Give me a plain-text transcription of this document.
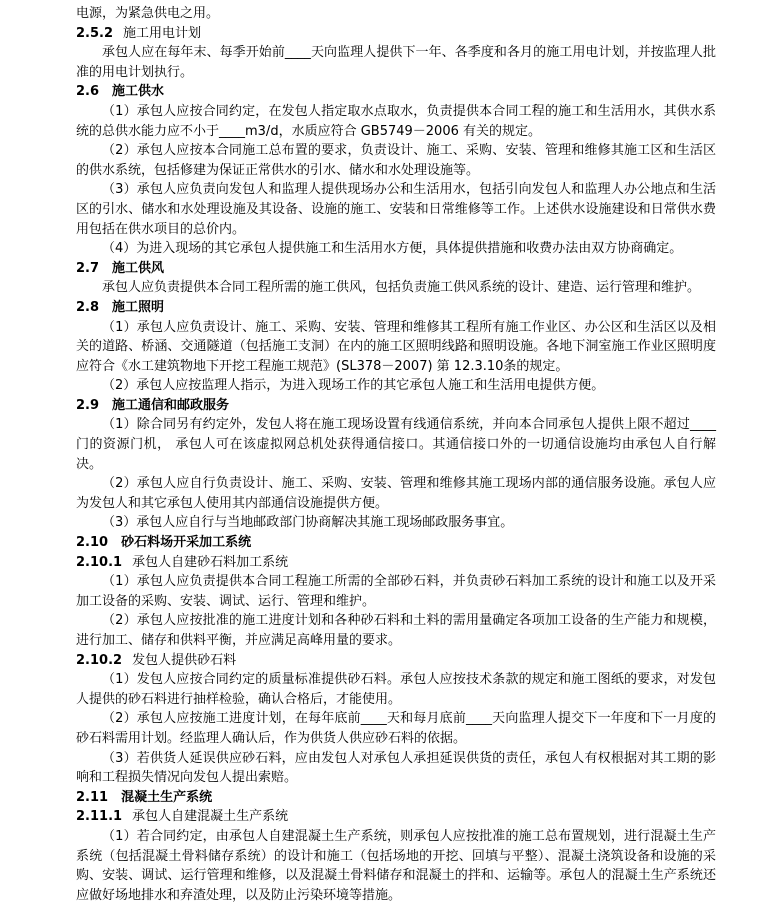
电源，为紧急供电之用。

2.5.2 施工用电计划

承包人应在每年末、每季开始前____天向监理人提供下一年、各季度和各月的施工用电计划，并按监理人批准的用电计划执行。

2.6　施工供水

（1）承包人应按合同约定，在发包人指定取水点取水，负责提供本合同工程的施工和生活用水，其供水系统的总供水能力应不小于____m3/d，水质应符合 GB5749－2006 有关的规定。

（2）承包人应按本合同施工总布置的要求，负责设计、施工、采购、安装、管理和维修其施工区和生活区的供水系统，包括修建为保证正常供水的引水、储水和水处理设施等。

（3）承包人应负责向发包人和监理人提供现场办公和生活用水，包括引向发包人和监理人办公地点和生活区的引水、储水和水处理设施及其设备、设施的施工、安装和日常维修等工作。上述供水设施建设和日常供水费用包括在供水项目的总价内。

（4）为进入现场的其它承包人提供施工和生活用水方便，具体提供措施和收费办法由双方协商确定。

2.7　施工供风

承包人应负责提供本合同工程所需的施工供风，包括负责施工供风系统的设计、建造、运行管理和维护。

2.8　施工照明

（1）承包人应负责设计、施工、采购、安装、管理和维修其工程所有施工作业区、办公区和生活区以及相关的道路、桥涵、交通隧道（包括施工支洞）在内的施工区照明线路和照明设施。各地下洞室施工作业区照明度应符合《水工建筑物地下开挖工程施工规范》(SL378－2007) 第 12.3.10条的规定。

（2）承包人应按监理人指示，为进入现场工作的其它承包人施工和生活用电提供方便。

2.9　施工通信和邮政服务

（1）除合同另有约定外，发包人将在施工现场设置有线通信系统，并向本合同承包人提供上限不超过____门的资源门机， 承包人可在该虚拟网总机处获得通信接口。其通信接口外的一切通信设施均由承包人自行解决。

（2）承包人应自行负责设计、施工、采购、安装、管理和维修其施工现场内部的通信服务设施。承包人应为发包人和其它承包人使用其内部通信设施提供方便。

（3）承包人应自行与当地邮政部门协商解决其施工现场邮政服务事宜。

2.10　砂石料场开采加工系统

2.10.1 承包人自建砂石料加工系统

（1）承包人应负责提供本合同工程施工所需的全部砂石料，并负责砂石料加工系统的设计和施工以及开采加工设备的采购、安装、调试、运行、管理和维护。

（2）承包人应按批准的施工进度计划和各种砂石料和土料的需用量确定各项加工设备的生产能力和规模，进行加工、储存和供料平衡，并应满足高峰用量的要求。

2.10.2 发包人提供砂石料

（1）发包人应按合同约定的质量标准提供砂石料。承包人应按技术条款的规定和施工图纸的要求，对发包人提供的砂石料进行抽样检验，确认合格后，才能使用。

（2）承包人应按施工进度计划，在每年底前____天和每月底前____天向监理人提交下一年度和下一月度的砂石料需用计划。经监理人确认后，作为供货人供应砂石料的依据。

（3）若供货人延误供应砂石料，应由发包人对承包人承担延误供货的责任，承包人有权根据对其工期的影响和工程损失情况向发包人提出索赔。

2.11　混凝土生产系统

2.11.1 承包人自建混凝土生产系统

（1）若合同约定，由承包人自建混凝土生产系统，则承包人应按批准的施工总布置规划，进行混凝土生产系统（包括混凝土骨料储存系统）的设计和施工（包括场地的开挖、回填与平整）、混凝土浇筑设备和设施的采购、安装、调试、运行管理和维修，以及混凝土骨料储存和混凝土的拌和、运输等。承包人的混凝土生产系统还应做好场地排水和弃渣处理，以及防止污染环境等措施。
